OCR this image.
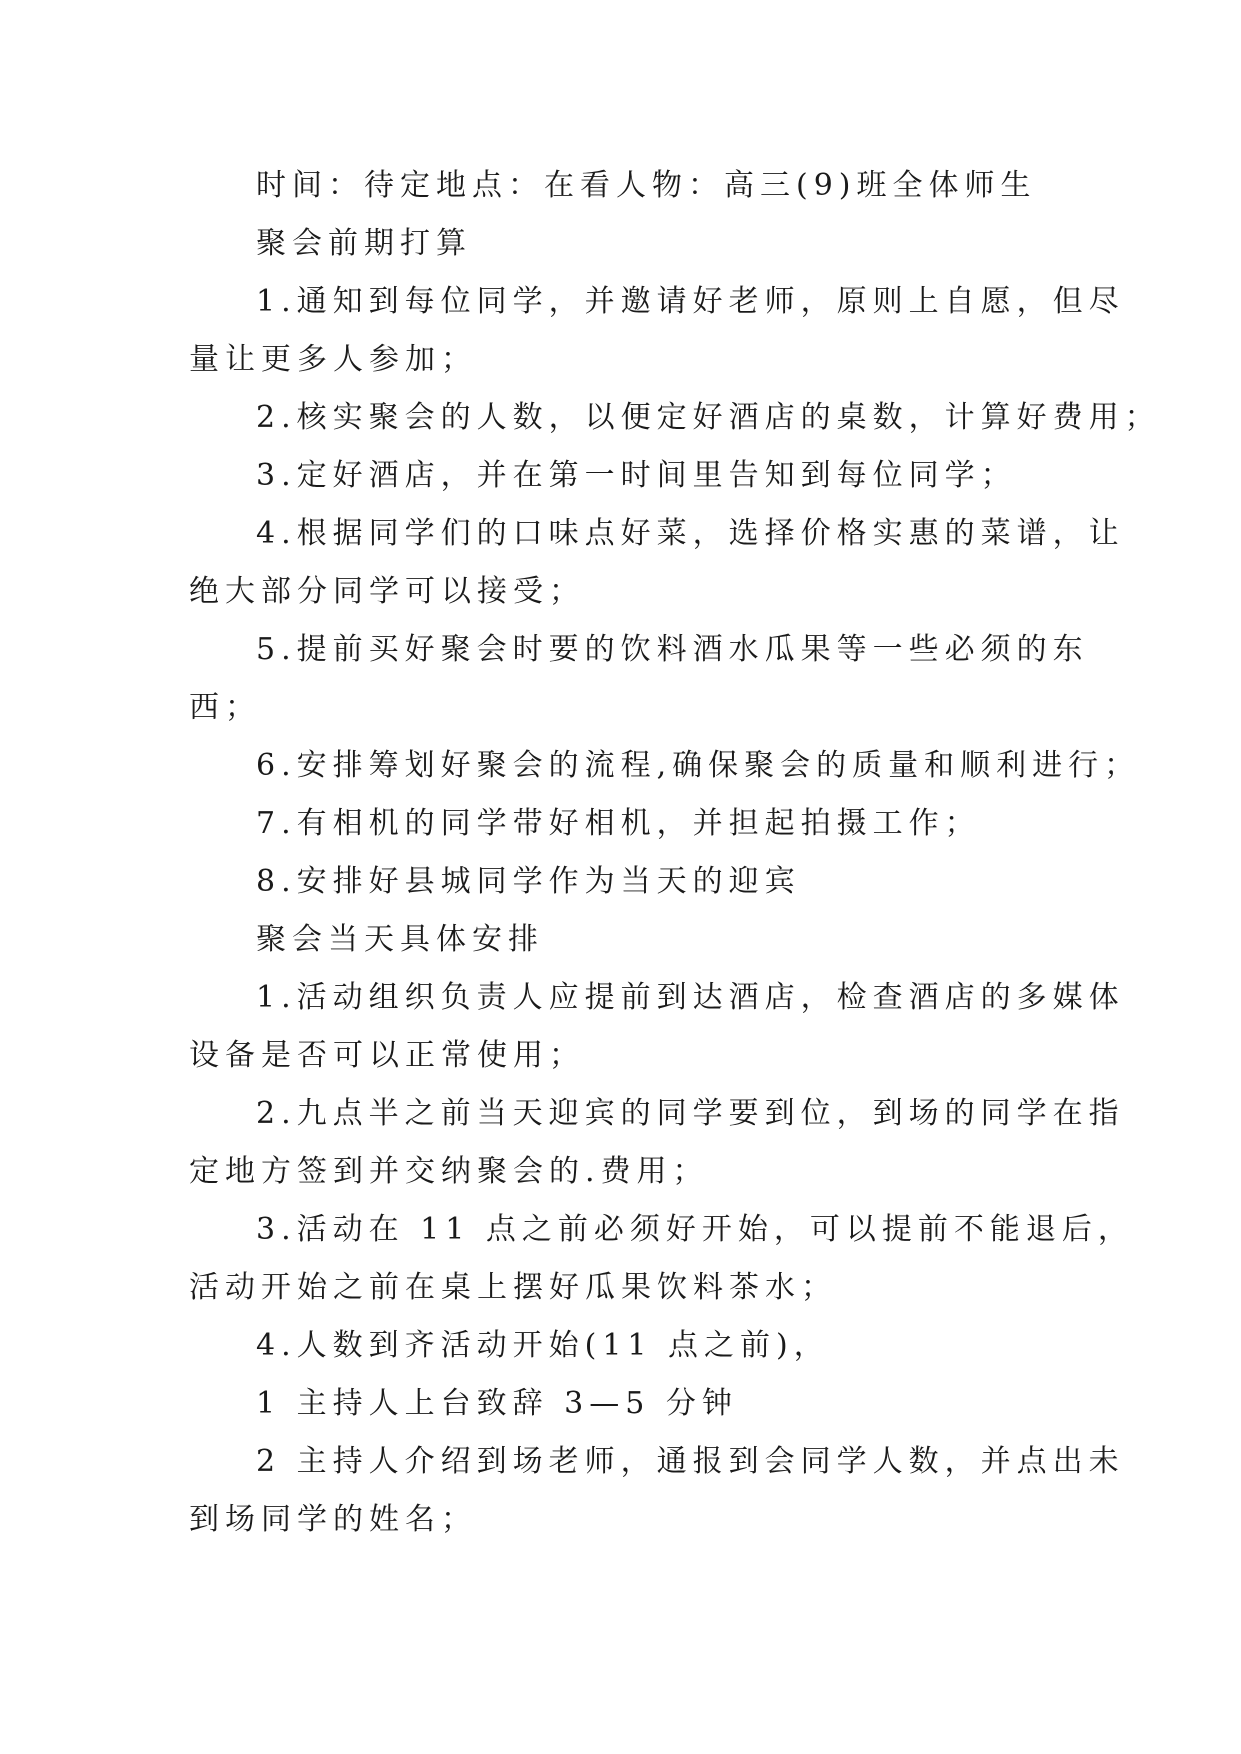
时间：待定地点：在看人物：高三(9)班全体师生

聚会前期打算

1.通知到每位同学，并邀请好老师，原则上自愿，但尽

量让更多人参加；

2.核实聚会的人数，以便定好酒店的桌数，计算好费用；

3.定好酒店，并在第一时间里告知到每位同学；

4.根据同学们的口味点好菜，选择价格实惠的菜谱，让

绝大部分同学可以接受；

5.提前买好聚会时要的饮料酒水瓜果等一些必须的东

西；

6.安排筹划好聚会的流程,确保聚会的质量和顺利进行；

7.有相机的同学带好相机，并担起拍摄工作；

8.安排好县城同学作为当天的迎宾

聚会当天具体安排

1.活动组织负责人应提前到达酒店，检查酒店的多媒体

设备是否可以正常使用；

2.九点半之前当天迎宾的同学要到位，到场的同学在指

定地方签到并交纳聚会的.费用；

3.活动在 11 点之前必须好开始，可以提前不能退后，

活动开始之前在桌上摆好瓜果饮料茶水；

4.人数到齐活动开始(11 点之前)，

1 主持人上台致辞 3—5 分钟

2 主持人介绍到场老师，通报到会同学人数，并点出未

到场同学的姓名；
